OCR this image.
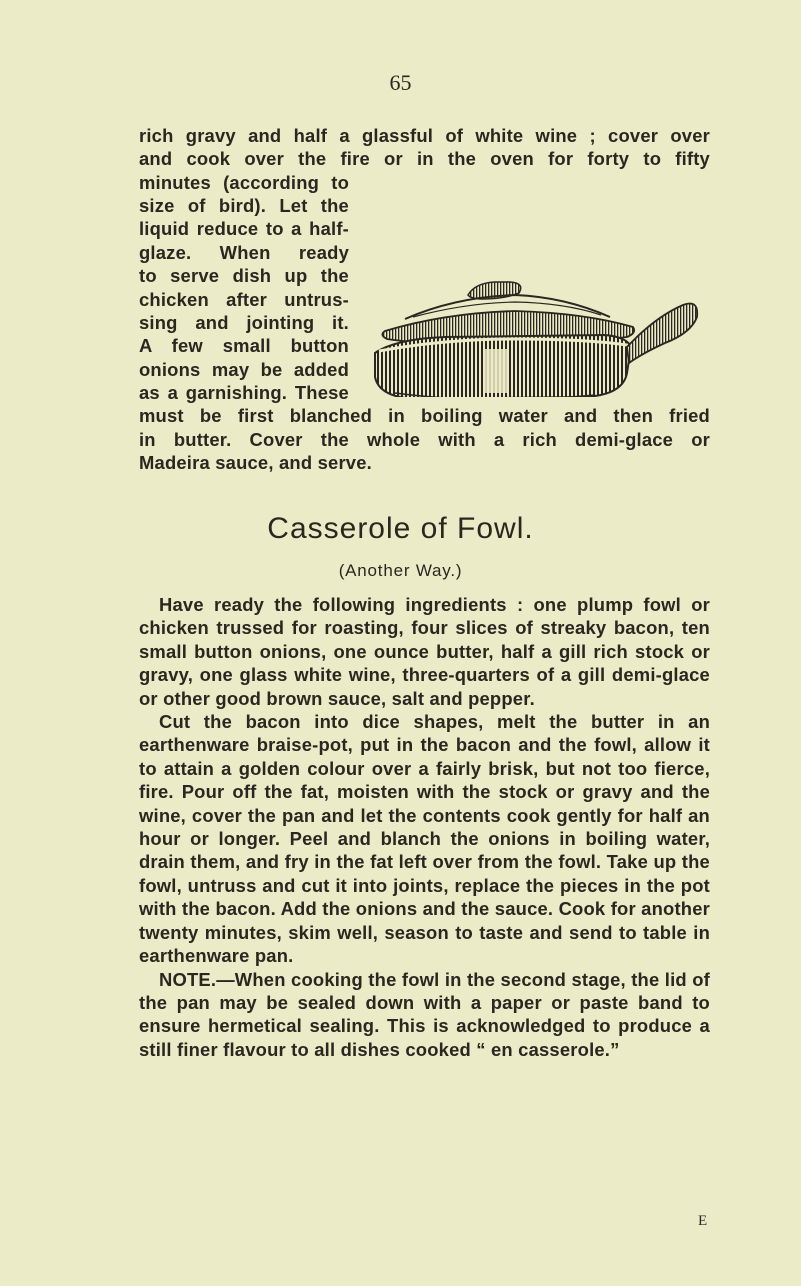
65
rich gravy and half a glassful of white wine ; cover over
and cook over the fire or in the oven for forty to fifty
minutes (according to
size of bird). Let the
liquid reduce to a half-
glaze. When ready
to serve dish up the
chicken after untrus-
sing and jointing it.
A few small button
onions may be added
as a garnishing. These
must be first blanched in boiling water and then fried
in butter. Cover the whole with a rich demi-glace or
Madeira sauce, and serve.
Casserole of Fowl.
(Another Way.)

Have ready the following ingredients : one plump fowl or chicken trussed for roasting, four slices of streaky bacon, ten small button onions, one ounce butter, half a gill rich stock or gravy, one glass white wine, three-quarters of a gill demi-glace or other good brown sauce, salt and pepper.

Cut the bacon into dice shapes, melt the butter in an earthenware braise-pot, put in the bacon and the fowl, allow it to attain a golden colour over a fairly brisk, but not too fierce, fire. Pour off the fat, moisten with the stock or gravy and the wine, cover the pan and let the contents cook gently for half an hour or longer. Peel and blanch the onions in boiling water, drain them, and fry in the fat left over from the fowl. Take up the fowl, untruss and cut it into joints, replace the pieces in the pot with the bacon. Add the onions and the sauce. Cook for another twenty minutes, skim well, season to taste and send to table in earthenware pan.

NOTE.—When cooking the fowl in the second stage, the lid of the pan may be sealed down with a paper or paste band to ensure hermetical sealing. This is acknowledged to produce a still finer flavour to all dishes cooked “ en casserole.”

E
